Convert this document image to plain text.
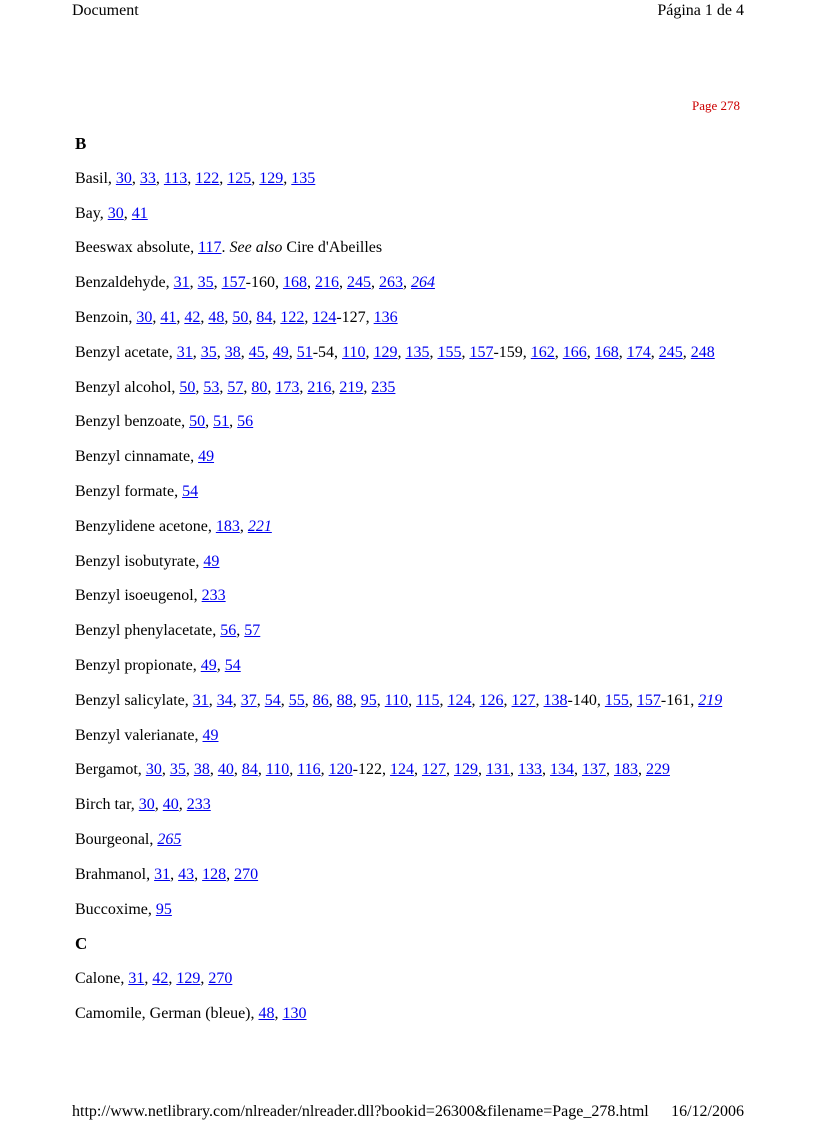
Document	Página 1 de 4
Page 278
B
Basil, 30, 33, 113, 122, 125, 129, 135
Bay, 30, 41
Beeswax absolute, 117. See also Cire d'Abeilles
Benzaldehyde, 31, 35, 157-160, 168, 216, 245, 263, 264
Benzoin, 30, 41, 42, 48, 50, 84, 122, 124-127, 136
Benzyl acetate, 31, 35, 38, 45, 49, 51-54, 110, 129, 135, 155, 157-159, 162, 166, 168, 174, 245, 248
Benzyl alcohol, 50, 53, 57, 80, 173, 216, 219, 235
Benzyl benzoate, 50, 51, 56
Benzyl cinnamate, 49
Benzyl formate, 54
Benzylidene acetone, 183, 221
Benzyl isobutyrate, 49
Benzyl isoeugenol, 233
Benzyl phenylacetate, 56, 57
Benzyl propionate, 49, 54
Benzyl salicylate, 31, 34, 37, 54, 55, 86, 88, 95, 110, 115, 124, 126, 127, 138-140, 155, 157-161, 219
Benzyl valerianate, 49
Bergamot, 30, 35, 38, 40, 84, 110, 116, 120-122, 124, 127, 129, 131, 133, 134, 137, 183, 229
Birch tar, 30, 40, 233
Bourgeonal, 265
Brahmanol, 31, 43, 128, 270
Buccoxime, 95
C
Calone, 31, 42, 129, 270
Camomile, German (bleue), 48, 130
http://www.netlibrary.com/nlreader/nlreader.dll?bookid=26300&filename=Page_278.html 16/12/2006
